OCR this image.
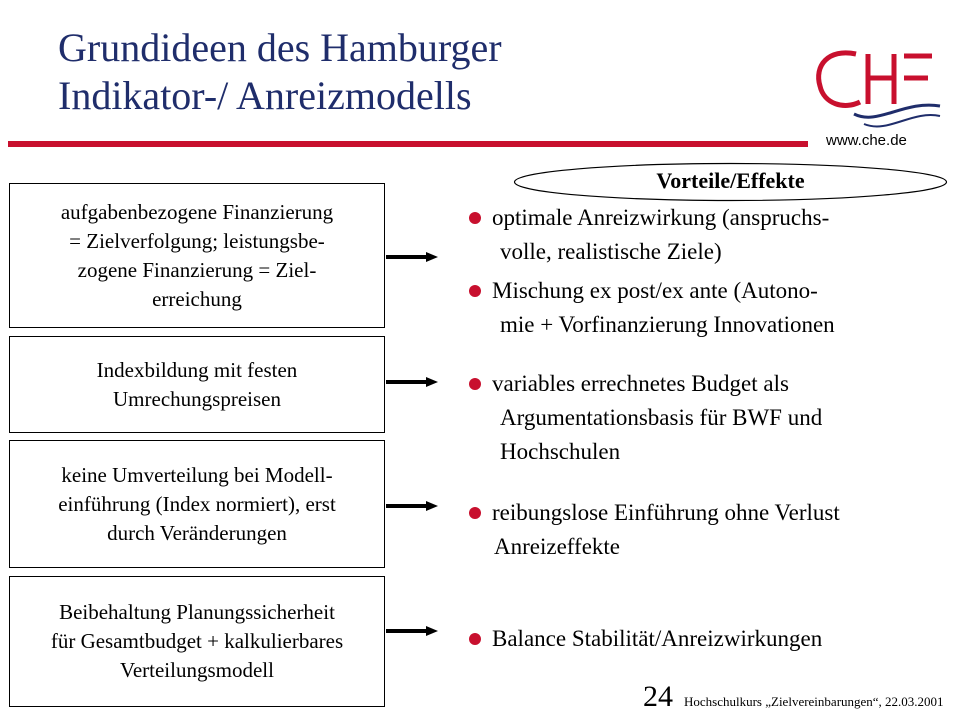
Grundideen des Hamburger
Indikator-/ Anreizmodells
www.che.de
aufgabenbezogene Finanzierung
= Zielverfolgung; leistungsbe-
zogene Finanzierung = Ziel-
erreichung
Indexbildung mit festen
Umrechungspreisen
keine Umverteilung bei Modell-
einführung (Index normiert), erst
durch Veränderungen
Beibehaltung Planungssicherheit
für Gesamtbudget + kalkulierbares
Verteilungsmodell
Vorteile/Effekte
optimale Anreizwirkung (anspruchs-
volle, realistische Ziele)
Mischung ex post/ex ante (Autono-
mie + Vorfinanzierung Innovationen
variables errechnetes Budget als
Argumentationsbasis für BWF und
Hochschulen
reibungslose Einführung ohne Verlust
Anreizeffekte
Balance Stabilität/Anreizwirkungen
24 Hochschulkurs „Zielvereinbarungen“, 22.03.2001
